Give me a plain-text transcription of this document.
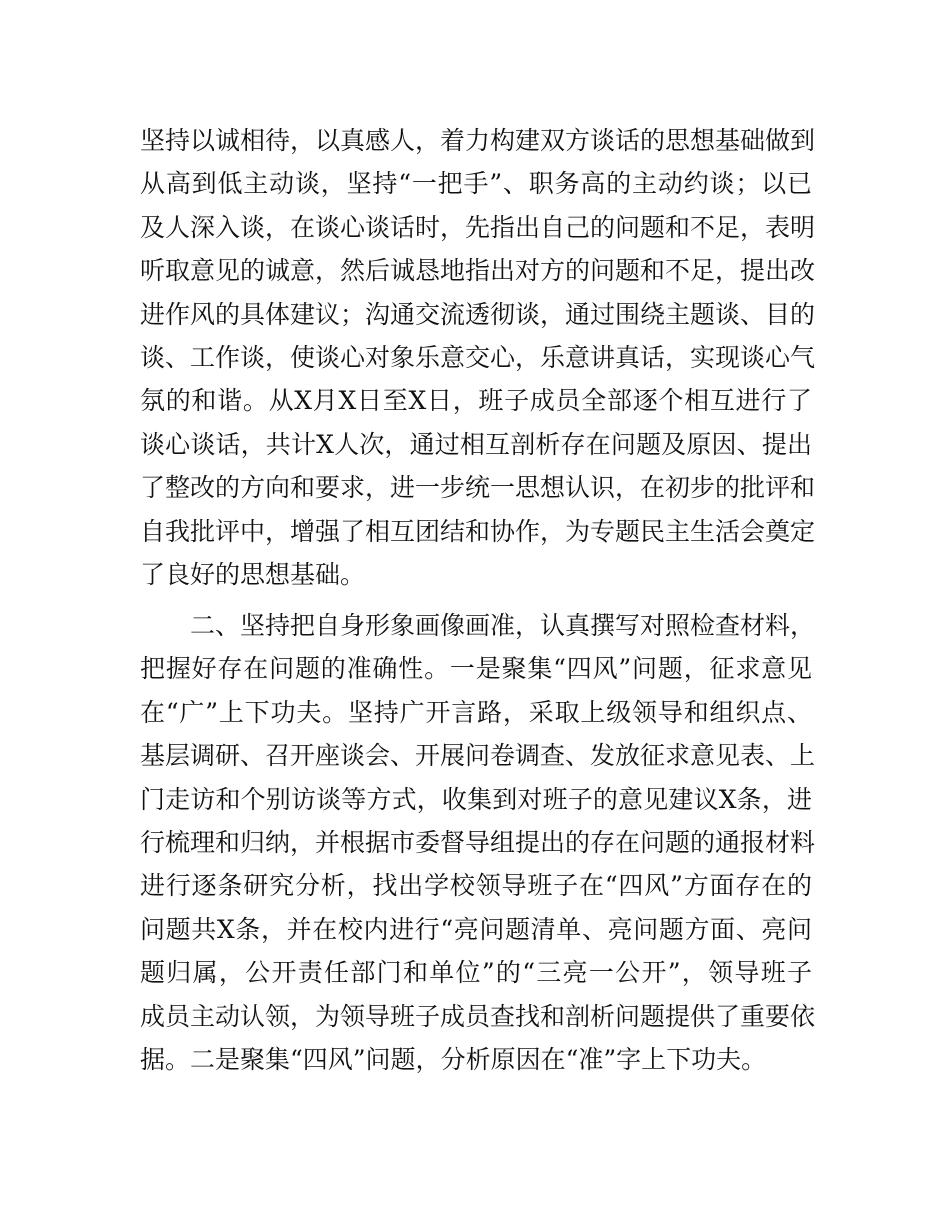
坚持以诚相待，以真感人，着力构建双方谈话的思想基础做到
从高到低主动谈，坚持“一把手”、职务高的主动约谈；以已
及人深入谈，在谈心谈话时，先指出自己的问题和不足，表明
听取意见的诚意，然后诚恳地指出对方的问题和不足，提出改
进作风的具体建议；沟通交流透彻谈，通过围绕主题谈、目的
谈、工作谈，使谈心对象乐意交心，乐意讲真话，实现谈心气
氛的和谐。从X月X日至X日，班子成员全部逐个相互进行了
谈心谈话，共计X人次，通过相互剖析存在问题及原因、提出
了整改的方向和要求，进一步统一思想认识，在初步的批评和
自我批评中，增强了相互团结和协作，为专题民主生活会奠定
了良好的思想基础。
二、坚持把自身形象画像画准，认真撰写对照检查材料，
把握好存在问题的准确性。一是聚集“四风”问题，征求意见
在“广”上下功夫。坚持广开言路，采取上级领导和组织点、
基层调研、召开座谈会、开展问卷调查、发放征求意见表、上
门走访和个别访谈等方式，收集到对班子的意见建议X条，进
行梳理和归纳，并根据市委督导组提出的存在问题的通报材料
进行逐条研究分析，找出学校领导班子在“四风”方面存在的
问题共X条，并在校内进行“亮问题清单、亮问题方面、亮问
题归属，公开责任部门和单位”的“三亮一公开”，领导班子
成员主动认领，为领导班子成员查找和剖析问题提供了重要依
据。二是聚集“四风”问题，分析原因在“准”字上下功夫。
